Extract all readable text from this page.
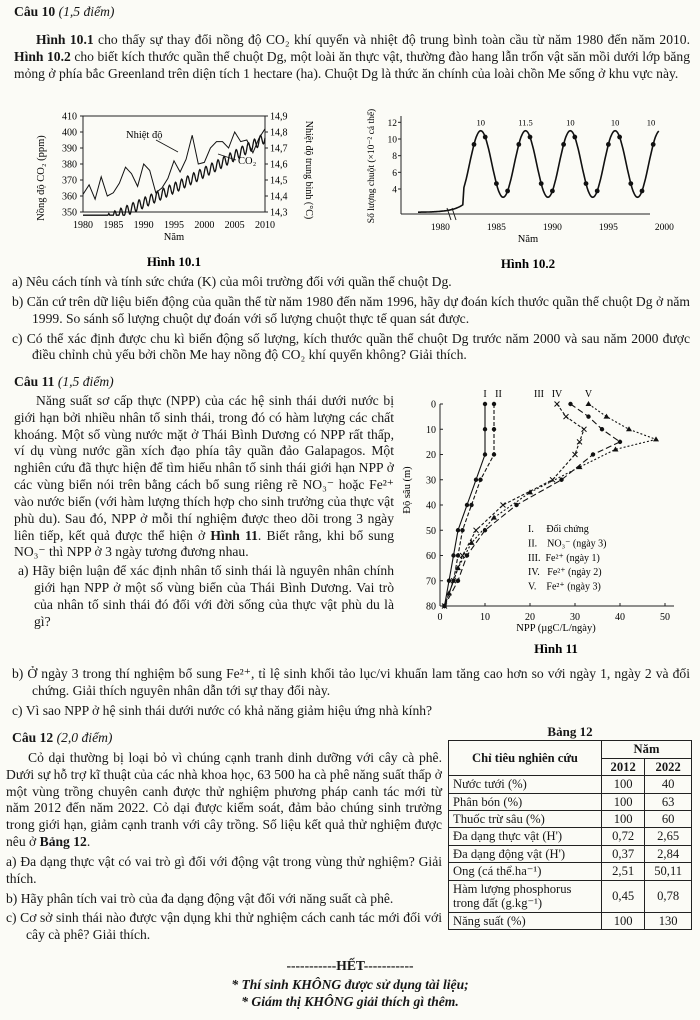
Câu 10 (1,5 điểm)

Hình 10.1 cho thấy sự thay đổi nồng độ CO₂ khí quyển và nhiệt độ trung bình toàn cầu từ năm 1980 đến năm 2010. Hình 10.2 cho biết kích thước quần thể chuột Dg, một loài ăn thực vật, thường đào hang lẫn trốn vật săn mồi dưới lớp băng mỏng ở phía bắc Greenland trên diện tích 1 hectare (ha). Chuột Dg là thức ăn chính của loài chồn Me sống ở khu vực này.

Nồng độ CO₂ (ppm)	Nhiệt độ trung bình (°C)
350
360
370
380
390
400
410
14,3
14,4
14,5
14,6
14,7
14,8
14,9
1980 1985 1990 1995 2000 2005 2010
Nhiệt độ
CO₂
Năm
Hình 10.1
Số lượng chuột (×10⁻² cá thể) 4
6
8
10
12
1980	1985	1990	1995	2000
10	11.5	10	10	10
Năm
Hình 10.2

a) Nêu cách tính và tính sức chứa (K) của môi trường đối với quần thể chuột Dg.

b) Căn cứ trên dữ liệu biến động của quần thể từ năm 1980 đến năm 1996, hãy dự đoán kích thước quần thể chuột Dg ở năm 1999. So sánh số lượng chuột dự đoán với số lượng chuột thực tế quan sát được.

c) Có thể xác định được chu kì biến động số lượng, kích thước quần thể chuột Dg trước năm 2000 và sau năm 2000 được điều chỉnh chủ yếu bởi chồn Me hay nồng độ CO₂ khí quyển không? Giải thích.

Câu 11 (1,5 điểm)

Năng suất sơ cấp thực (NPP) của các hệ sinh thái dưới nước bị giới hạn bởi nhiều nhân tố sinh thái, trong đó có hàm lượng các chất khoáng. Một số vùng nước mặt ở Thái Bình Dương có NPP rất thấp, ví dụ vùng nước gần xích đạo phía tây quần đảo Galapagos. Một nghiên cứu đã thực hiện để tìm hiểu nhân tố sinh thái giới hạn NPP ở các vùng biển nói trên bằng cách bổ sung riêng rẽ NO₃⁻ hoặc Fe²⁺ vào nước biển (với hàm lượng thích hợp cho sinh trưởng của thực vật phù du). Sau đó, NPP ở mỗi thí nghiệm được theo dõi trong 3 ngày liên tiếp, kết quả được thể hiện ở Hình 11. Biết rằng, khi bổ sung NO₃⁻ thì NPP ở 3 ngày tương đương nhau.

a) Hãy biện luận để xác định nhân tố sinh thái là nguyên nhân chính giới hạn NPP ở một số vùng biển của Thái Bình Dương. Vai trò của nhân tố sinh thái đó đối với đời sống của thực vật phù du là gì?

Độ sâu (m)
0
10
20
30
40
50
60
70
80
0	10	20	30	40	50
I II	III IV V
I.     Đối chứng
II.    NO₃⁻ (ngày 3)
III.  Fe²⁺ (ngày 1)
IV.   Fe²⁺ (ngày 2)
V.    Fe²⁺ (ngày 3)
NPP (µgC/L/ngày)
Hình 11

b) Ở ngày 3 trong thí nghiệm bổ sung Fe²⁺, tỉ lệ sinh khối tảo lục/vi khuẩn lam tăng cao hơn so với ngày 1, ngày 2 và đối chứng. Giải thích nguyên nhân dẫn tới sự thay đổi này.

c) Vì sao NPP ở hệ sinh thái dưới nước có khả năng giảm hiệu ứng nhà kính?

Câu 12 (2,0 điểm)

Cỏ dại thường bị loại bỏ vì chúng cạnh tranh dinh dưỡng với cây cà phê. Dưới sự hỗ trợ kĩ thuật của các nhà khoa học, 63 500 ha cà phê năng suất thấp ở một vùng trồng chuyên canh được thử nghiệm phương pháp canh tác mới từ năm 2012 đến năm 2022. Cỏ dại được kiểm soát, đảm bảo chúng sinh trưởng trong giới hạn, giảm cạnh tranh với cây trồng. Số liệu kết quả thử nghiệm được nêu ở Bảng 12.

a) Đa dạng thực vật có vai trò gì đối với động vật trong vùng thử nghiệm? Giải thích.

b) Hãy phân tích vai trò của đa dạng động vật đối với năng suất cà phê.

c) Cơ sở sinh thái nào được vận dụng khi thử nghiệm cách canh tác mới đối với cây cà phê? Giải thích.

Bảng 12
Chỉ tiêu nghiên cứu	Năm	
	2012	2022
Nước tưới (%)	100	40
Phân bón (%)	100	63
Thuốc trừ sâu (%)	100	60
Đa dạng thực vật (H')	0,72	2,65
Đa dạng động vật (H')	0,37	2,84
Ong (cá thể.ha⁻¹)	2,51	50,11
Hàm lượng phosphorus trong đất (g.kg⁻¹)	0,45	0,78
Năng suất (%)	100	130
-----------HẾT-----------
* Thí sinh KHÔNG được sử dụng tài liệu;
* Giám thị KHÔNG giải thích gì thêm.
